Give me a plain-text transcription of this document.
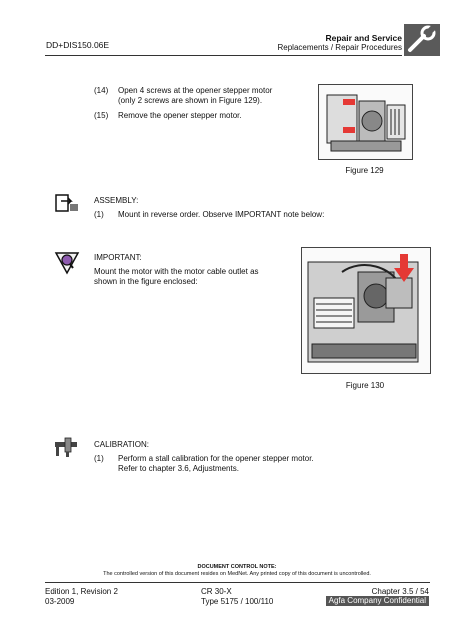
DD+DIS150.06E
Repair and Service
Replacements / Repair Procedures
(14) Open 4 screws at the opener stepper motor
(only 2 screws are shown in Figure 129).
(15) Remove the opener stepper motor.
Figure 129
ASSEMBLY:
(1) Mount in reverse order. Observe IMPORTANT note below:
IMPORTANT:
Mount the motor with the motor cable outlet as
shown in the figure enclosed:
Figure 130
CALIBRATION:
(1) Perform a stall calibration for the opener stepper motor.
Refer to chapter 3.6, Adjustments.
DOCUMENT CONTROL NOTE:
The controlled version of this document resides on MedNet. Any printed copy of this document is uncontrolled.
Edition 1, Revision 2
03-2009
CR 30-X
Type 5175 / 100/110
Chapter 3.5 / 54
Agfa Company Confidential
